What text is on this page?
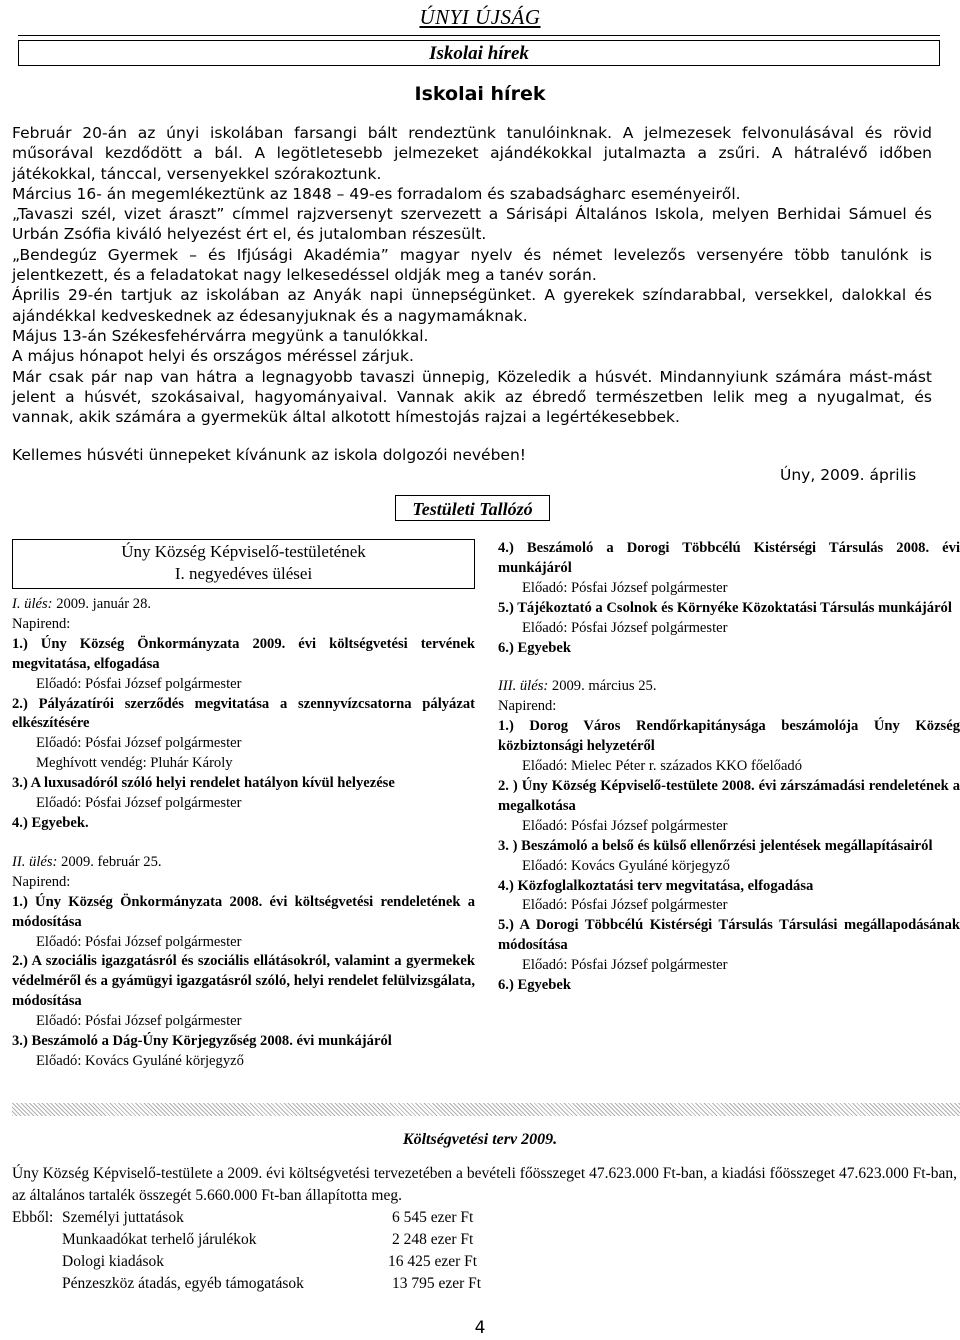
ÚNYI ÚJSÁG
Iskolai hírek
Iskolai hírek

Február 20-án az únyi iskolában farsangi bált rendeztünk tanulóinknak. A jelmezesek felvonulásával és rövid műsorával kezdődött a bál. A legötletesebb jelmezeket ajándékokkal jutalmazta a zsűri. A hátralévő időben játékokkal, tánccal, versenyekkel szórakoztunk.

Március 16- án megemlékeztünk az 1848 – 49-es forradalom és szabadságharc eseményeiről.

„Tavaszi szél, vizet áraszt” címmel rajzversenyt szervezett a Sárisápi Általános Iskola, melyen Berhidai Sámuel és Urbán Zsófia kiváló helyezést ért el, és jutalomban részesült.

„Bendegúz Gyermek – és Ifjúsági Akadémia” magyar nyelv és német levelezős versenyére több tanulónk is jelentkezett, és a feladatokat nagy lelkesedéssel oldják meg a tanév során.

Április 29-én tartjuk az iskolában az Anyák napi ünnepségünket. A gyerekek színdarabbal, versekkel, dalokkal és ajándékkal kedveskednek az édesanyjuknak és a nagymamáknak.

Május 13-án Székesfehérvárra megyünk a tanulókkal.

A május hónapot helyi és országos méréssel zárjuk.

Már csak pár nap van hátra a legnagyobb tavaszi ünnepig, Közeledik a húsvét. Mindannyiunk számára mást-mást jelent a húsvét, szokásaival, hagyományaival. Vannak akik az ébredő természetben lelik meg a nyugalmat, és vannak, akik számára a gyermekük által alkotott hímestojás rajzai a legértékesebbek.

Kellemes húsvéti ünnepeket kívánunk az iskola dolgozói nevében!
Úny, 2009. április
Testületi Tallózó
Úny Község Képviselő-testületének
I. negyedéves ülései
I. ülés: 2009. január 28.
Napirend:
1.) Úny Község Önkormányzata 2009. évi költségvetési tervének megvitatása, elfogadása
Előadó: Pósfai József polgármester
2.) Pályázatírói szerződés megvitatása a szennyvízcsatorna pályázat elkészítésére
Előadó: Pósfai József polgármester
Meghívott vendég: Pluhár Károly
3.) A luxusadóról szóló helyi rendelet hatályon kívül helyezése
Előadó: Pósfai József polgármester
4.) Egyebek.
II. ülés: 2009. február 25.
Napirend:
1.) Úny Község Önkormányzata 2008. évi költségvetési rendeletének a módosítása
Előadó: Pósfai József polgármester
2.) A szociális igazgatásról és szociális ellátásokról, valamint a gyermekek védelméről és a gyámügyi igazgatásról szóló, helyi rendelet felülvizsgálata, módosítása
Előadó: Pósfai József polgármester
3.) Beszámoló a Dág-Úny Körjegyzőség 2008. évi munkájáról
Előadó: Kovács Gyuláné körjegyző
4.) Beszámoló a Dorogi Többcélú Kistérségi Társulás 2008. évi munkájáról
Előadó: Pósfai József polgármester
5.) Tájékoztató a Csolnok és Környéke Közoktatási Társulás munkájáról
Előadó: Pósfai József polgármester
6.) Egyebek
III. ülés: 2009. március 25.
Napirend:
1.) Dorog Város Rendőrkapitánysága beszámolója Úny Község közbiztonsági helyzetéről
Előadó: Mielec Péter r. százados KKO főelőadó
2. ) Úny Község Képviselő-testülete 2008. évi zárszámadási rendeletének a megalkotása
Előadó: Pósfai József polgármester
3. ) Beszámoló a belső és külső ellenőrzési jelentések megállapításairól
Előadó: Kovács Gyuláné körjegyző
4.) Közfoglalkoztatási terv megvitatása, elfogadása
Előadó: Pósfai József polgármester
5.) A Dorogi Többcélú Kistérségi Társulás Társulási megállapodásának módosítása
Előadó: Pósfai József polgármester
6.) Egyebek
Költségvetési terv 2009.
Úny Község Képviselő-testülete a 2009. évi költségvetési tervezetében a bevételi főösszeget 47.623.000 Ft-ban, a kiadási főösszeget 47.623.000 Ft-ban, az általános tartalék összegét 5.660.000 Ft-ban állapította meg.
Ebből: Személyi juttatások	6 545 ezer Ft
Munkaadókat terhelő járulékok	2 248 ezer Ft
Dologi kiadások	16 425 ezer Ft
Pénzeszköz átadás, egyéb támogatások	13 795 ezer Ft
4
